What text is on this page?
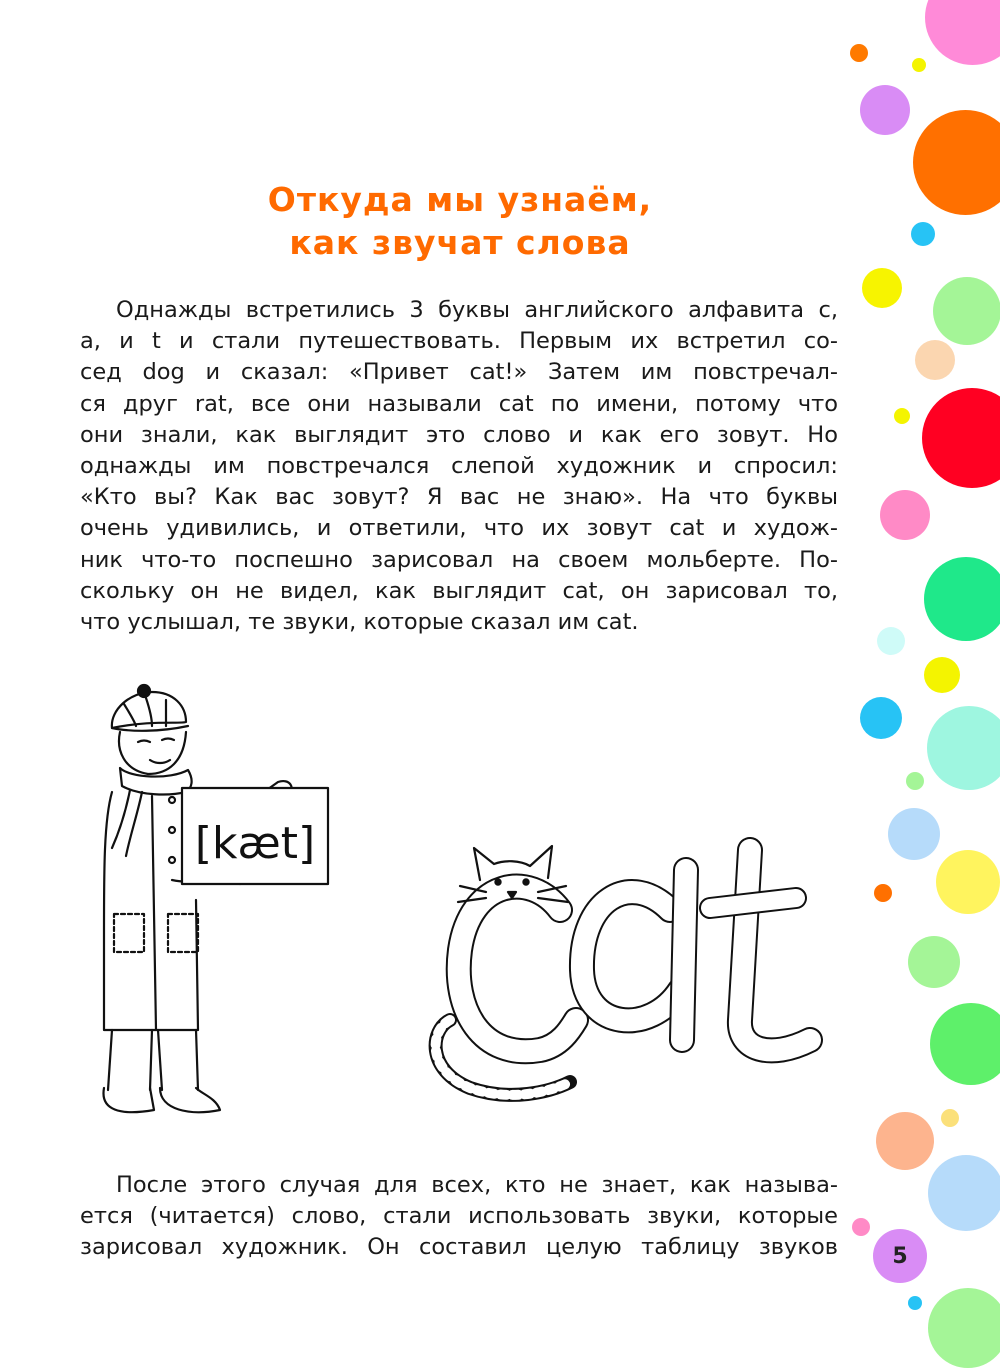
Откуда мы узнаём,
как звучат слова
Однажды встретились 3 буквы английского алфавита c,
a, и t и стали путешествовать. Первым их встретил со-
сед dog и сказал: «Привет cat!» Затем им повстречал-
ся друг rat, все они называли cat по имени, потому что
они знали, как выглядит это слово и как его зовут. Но
однажды им повстречался слепой художник и спросил:
«Кто вы? Как вас зовут? Я вас не знаю». На что буквы
очень удивились, и ответили, что их зовут cat и худож-
ник что-то поспешно зарисовал на своем мольберте. По-
скольку он не видел, как выглядит cat, он зарисовал то,
что услышал, те звуки, которые сказал им cat.
[kæt]
После этого случая для всех, кто не знает, как называ-
ется (читается) слово, стали использовать звуки, которые
зарисовал художник. Он составил целую таблицу звуков 5
